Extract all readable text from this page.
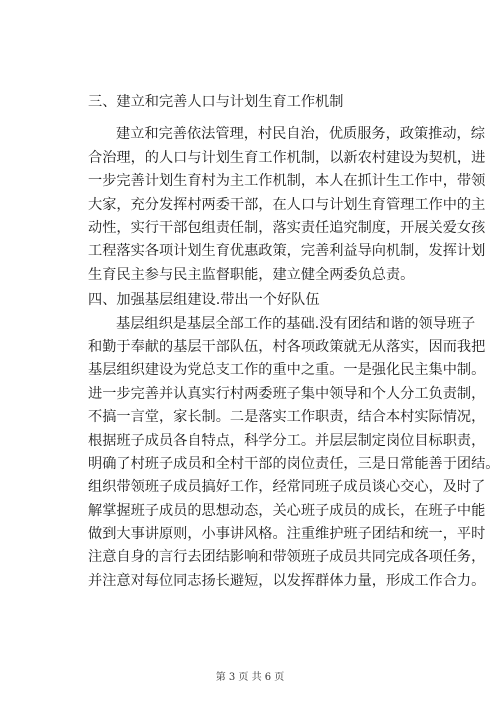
三、建立和完善人口与计划生育工作机制

建立和完善依法管理，村民自治，优质服务，政策推动，综
合治理，的人口与计划生育工作机制，以新农村建设为契机，进
一步完善计划生育村为主工作机制，本人在抓计生工作中，带领
大家，充分发挥村两委干部，在人口与计划生育管理工作中的主
动性，实行干部包组责任制，落实责任追究制度，开展关爱女孩
工程落实各项计划生育优惠政策，完善利益导向机制，发挥计划
生育民主参与民主监督职能，建立健全两委负总责。

四、加强基层组建设.带出一个好队伍

基层组织是基层全部工作的基础.没有团结和谐的领导班子
和勤于奉献的基层干部队伍，村各项政策就无从落实，因而我把
基层组织建设为党总支工作的重中之重。一是强化民主集中制。
进一步完善并认真实行村两委班子集中领导和个人分工负责制，
不搞一言堂，家长制。二是落实工作职责，结合本村实际情况，
根据班子成员各自特点，科学分工。并层层制定岗位目标职责，
明确了村班子成员和全村干部的岗位责任，三是日常能善于团结。
组织带领班子成员搞好工作，经常同班子成员谈心交心，及时了
解掌握班子成员的思想动态，关心班子成员的成长，在班子中能
做到大事讲原则，小事讲风格。注重维护班子团结和统一，平时
注意自身的言行去团结影响和带领班子成员共同完成各项任务，
并注意对每位同志扬长避短，以发挥群体力量，形成工作合力。
第 3 页 共 6 页
